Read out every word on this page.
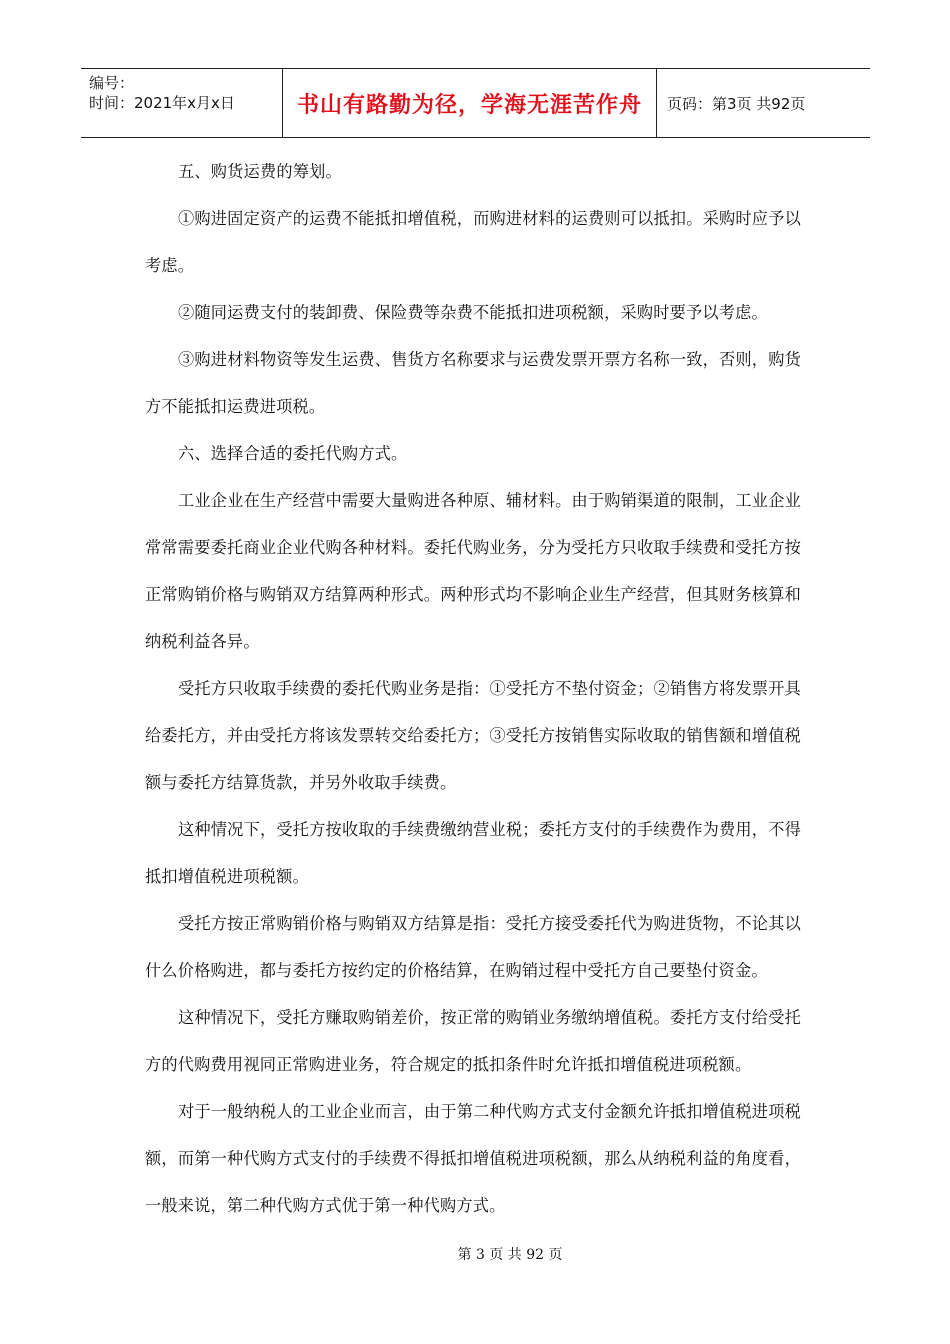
编号：
时间：2021年x月x日	书山有路勤为径，学海无涯苦作舟	页码：第3页 共92页

五、购货运费的筹划。

①购进固定资产的运费不能抵扣增值税，而购进材料的运费则可以抵扣。采购时应予以考虑。

②随同运费支付的装卸费、保险费等杂费不能抵扣进项税额，采购时要予以考虑。

③购进材料物资等发生运费、售货方名称要求与运费发票开票方名称一致，否则，购货方不能抵扣运费进项税。

六、选择合适的委托代购方式。

工业企业在生产经营中需要大量购进各种原、辅材料。由于购销渠道的限制，工业企业常常需要委托商业企业代购各种材料。委托代购业务，分为受托方只收取手续费和受托方按正常购销价格与购销双方结算两种形式。两种形式均不影响企业生产经营，但其财务核算和纳税利益各异。

受托方只收取手续费的委托代购业务是指：①受托方不垫付资金；②销售方将发票开具给委托方，并由受托方将该发票转交给委托方；③受托方按销售实际收取的销售额和增值税额与委托方结算货款，并另外收取手续费。

这种情况下，受托方按收取的手续费缴纳营业税；委托方支付的手续费作为费用，不得抵扣增值税进项税额。

受托方按正常购销价格与购销双方结算是指：受托方接受委托代为购进货物，不论其以什么价格购进，都与委托方按约定的价格结算，在购销过程中受托方自己要垫付资金。

这种情况下，受托方赚取购销差价，按正常的购销业务缴纳增值税。委托方支付给受托方的代购费用视同正常购进业务，符合规定的抵扣条件时允许抵扣增值税进项税额。

对于一般纳税人的工业企业而言，由于第二种代购方式支付金额允许抵扣增值税进项税额，而第一种代购方式支付的手续费不得抵扣增值税进项税额，那么从纳税利益的角度看，一般来说，第二种代购方式优于第一种代购方式。

第 3 页 共 92 页
